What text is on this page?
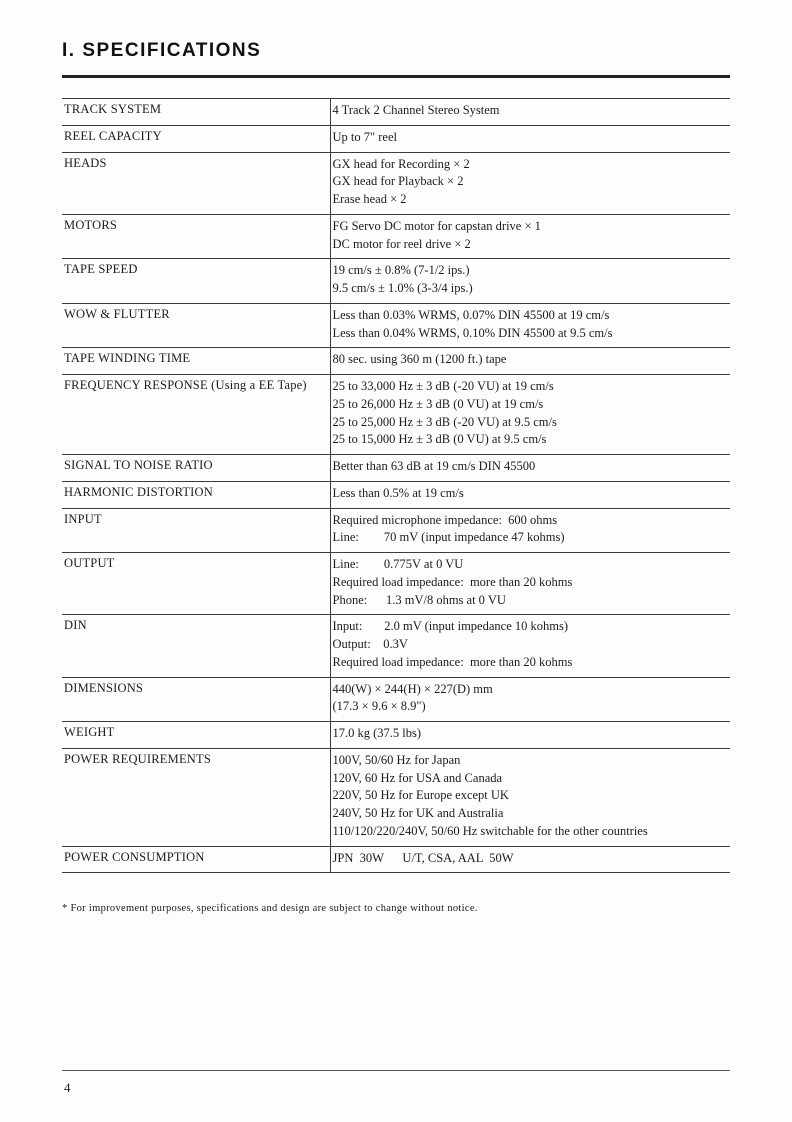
I. SPECIFICATIONS
TRACK SYSTEM	4 Track 2 Channel Stereo System

REEL CAPACITY	Up to 7" reel

HEADS	GX head for Recording × 2
GX head for Playback × 2
Erase head × 2

MOTORS	FG Servo DC motor for capstan drive × 1
DC motor for reel drive × 2

TAPE SPEED	19 cm/s ± 0.8% (7-1/2 ips.)
9.5 cm/s ± 1.0% (3-3/4 ips.)

WOW & FLUTTER	Less than 0.03% WRMS, 0.07% DIN 45500 at 19 cm/s
Less than 0.04% WRMS, 0.10% DIN 45500 at 9.5 cm/s

TAPE WINDING TIME	80 sec. using 360 m (1200 ft.) tape

FREQUENCY RESPONSE (Using a EE Tape)	25 to 33,000 Hz ± 3 dB (-20 VU) at 19 cm/s
25 to 26,000 Hz ± 3 dB (0 VU) at 19 cm/s
25 to 25,000 Hz ± 3 dB (-20 VU) at 9.5 cm/s
25 to 15,000 Hz ± 3 dB (0 VU) at 9.5 cm/s

SIGNAL TO NOISE RATIO	Better than 63 dB at 19 cm/s DIN 45500

HARMONIC DISTORTION	Less than 0.5% at 19 cm/s

INPUT	Required microphone impedance:  600 ohms
Line:        70 mV (input impedance 47 kohms)

OUTPUT	Line:        0.775V at 0 VU
Required load impedance:  more than 20 kohms
Phone:      1.3 mV/8 ohms at 0 VU

DIN	Input:       2.0 mV (input impedance 10 kohms)
Output:    0.3V
Required load impedance:  more than 20 kohms

DIMENSIONS	440(W) × 244(H) × 227(D) mm
(17.3 × 9.6 × 8.9")

WEIGHT	17.0 kg (37.5 lbs)

POWER REQUIREMENTS	100V, 50/60 Hz for Japan
120V, 60 Hz for USA and Canada
220V, 50 Hz for Europe except UK
240V, 50 Hz for UK and Australia
110/120/220/240V, 50/60 Hz switchable for the other countries

POWER CONSUMPTION	JPN  30W      U/T, CSA, AAL  50W
* For improvement purposes, specifications and design are subject to change without notice.
4
